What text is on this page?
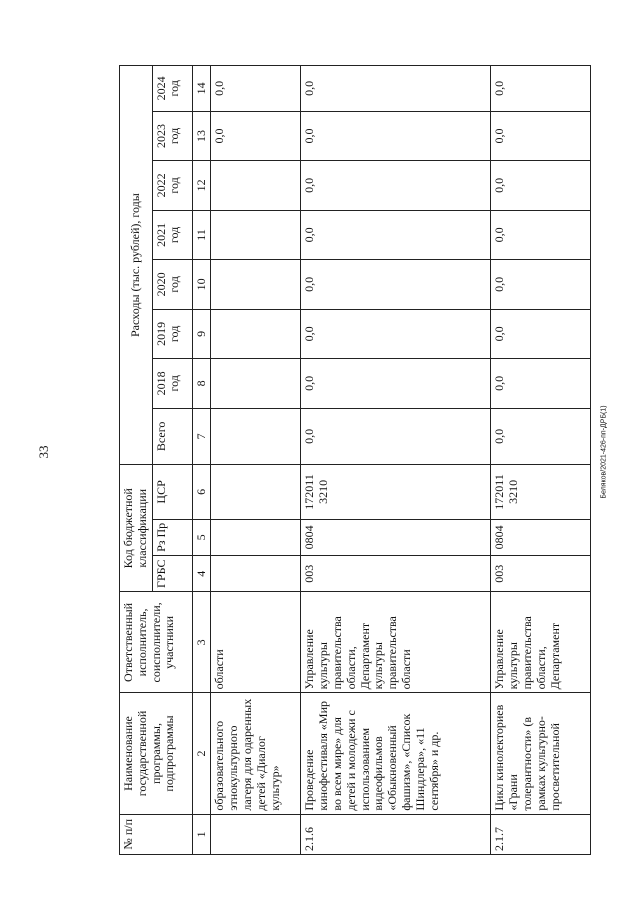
33	Беляков/2021-426-пп-ДРБ(1)
№ п/п	Наименование государственной программы, подпрограммы	Ответственный исполнитель, соисполнители, участники	Код бюджетной классификации			Расходы (тыс. рублей), годы							
			ГРБС	Рз Пр	ЦСР	Всего	2018 год	2019 год	2020 год	2021 год	2022 год	2023 год	2024 год
1	2	3	4	5	6	7	8	9	10	11	12	13	14
	образовательного этнокультурного лагеря для одаренных детей «Диалог культур»	области										0,0	0,0
2.1.6	Проведение кинофестиваля «Мир во всем мире» для детей и молодежи с использованием видеофильмов «Обыкновенный фашизм», «Список Шиндлера», «11 сентября» и др.	Управление культуры правительства области, Департамент культуры правительства области	003	0804	172011 3210	0,0	0,0	0,0	0,0	0,0	0,0	0,0	0,0
2.1.7	Цикл кинолекториев «Грани толерантности» (в рамках культурно-просветительной	Управление культуры правительства области, Департамент	003	0804	172011 3210	0,0	0,0	0,0	0,0	0,0	0,0	0,0	0,0
